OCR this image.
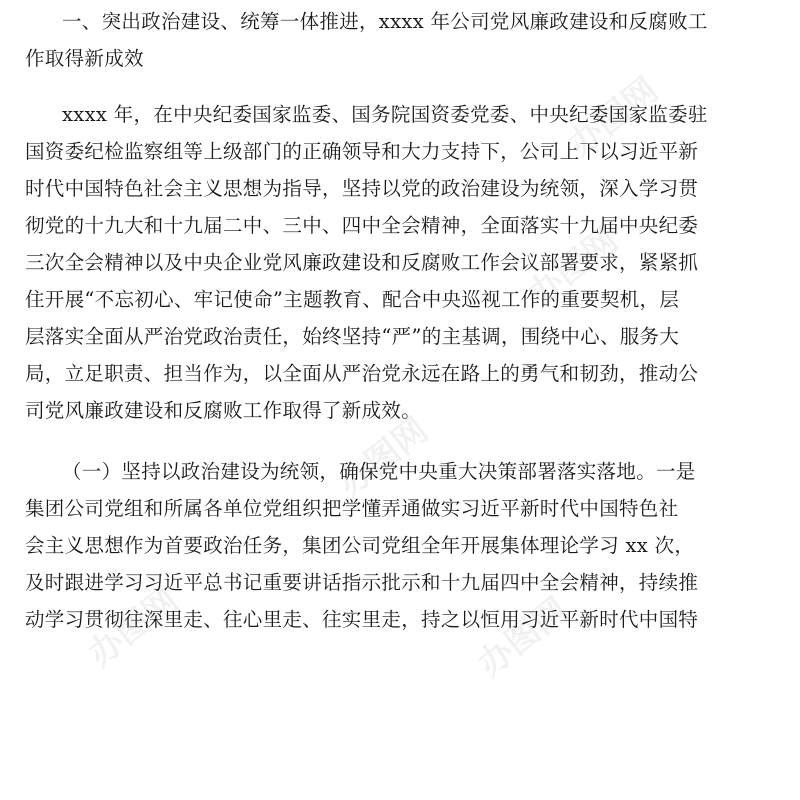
办图网
办图网
办图网
办图网	办图网
一、突出政治建设、统筹一体推进，xxxx 年公司党风廉政建设和反腐败工
作取得新成效
xxxx 年，在中央纪委国家监委、国务院国资委党委、中央纪委国家监委驻
国资委纪检监察组等上级部门的正确领导和大力支持下，公司上下以习近平新
时代中国特色社会主义思想为指导，坚持以党的政治建设为统领，深入学习贯
彻党的十九大和十九届二中、三中、四中全会精神，全面落实十九届中央纪委
三次全会精神以及中央企业党风廉政建设和反腐败工作会议部署要求，紧紧抓
住开展“不忘初心、牢记使命”主题教育、配合中央巡视工作的重要契机，层
层落实全面从严治党政治责任，始终坚持“严”的主基调，围绕中心、服务大
局，立足职责、担当作为，以全面从严治党永远在路上的勇气和韧劲，推动公
司党风廉政建设和反腐败工作取得了新成效。
（一）坚持以政治建设为统领，确保党中央重大决策部署落实落地。一是
集团公司党组和所属各单位党组织把学懂弄通做实习近平新时代中国特色社
会主义思想作为首要政治任务，集团公司党组全年开展集体理论学习 xx 次，
及时跟进学习习近平总书记重要讲话指示批示和十九届四中全会精神，持续推
动学习贯彻往深里走、往心里走、往实里走，持之以恒用习近平新时代中国特
